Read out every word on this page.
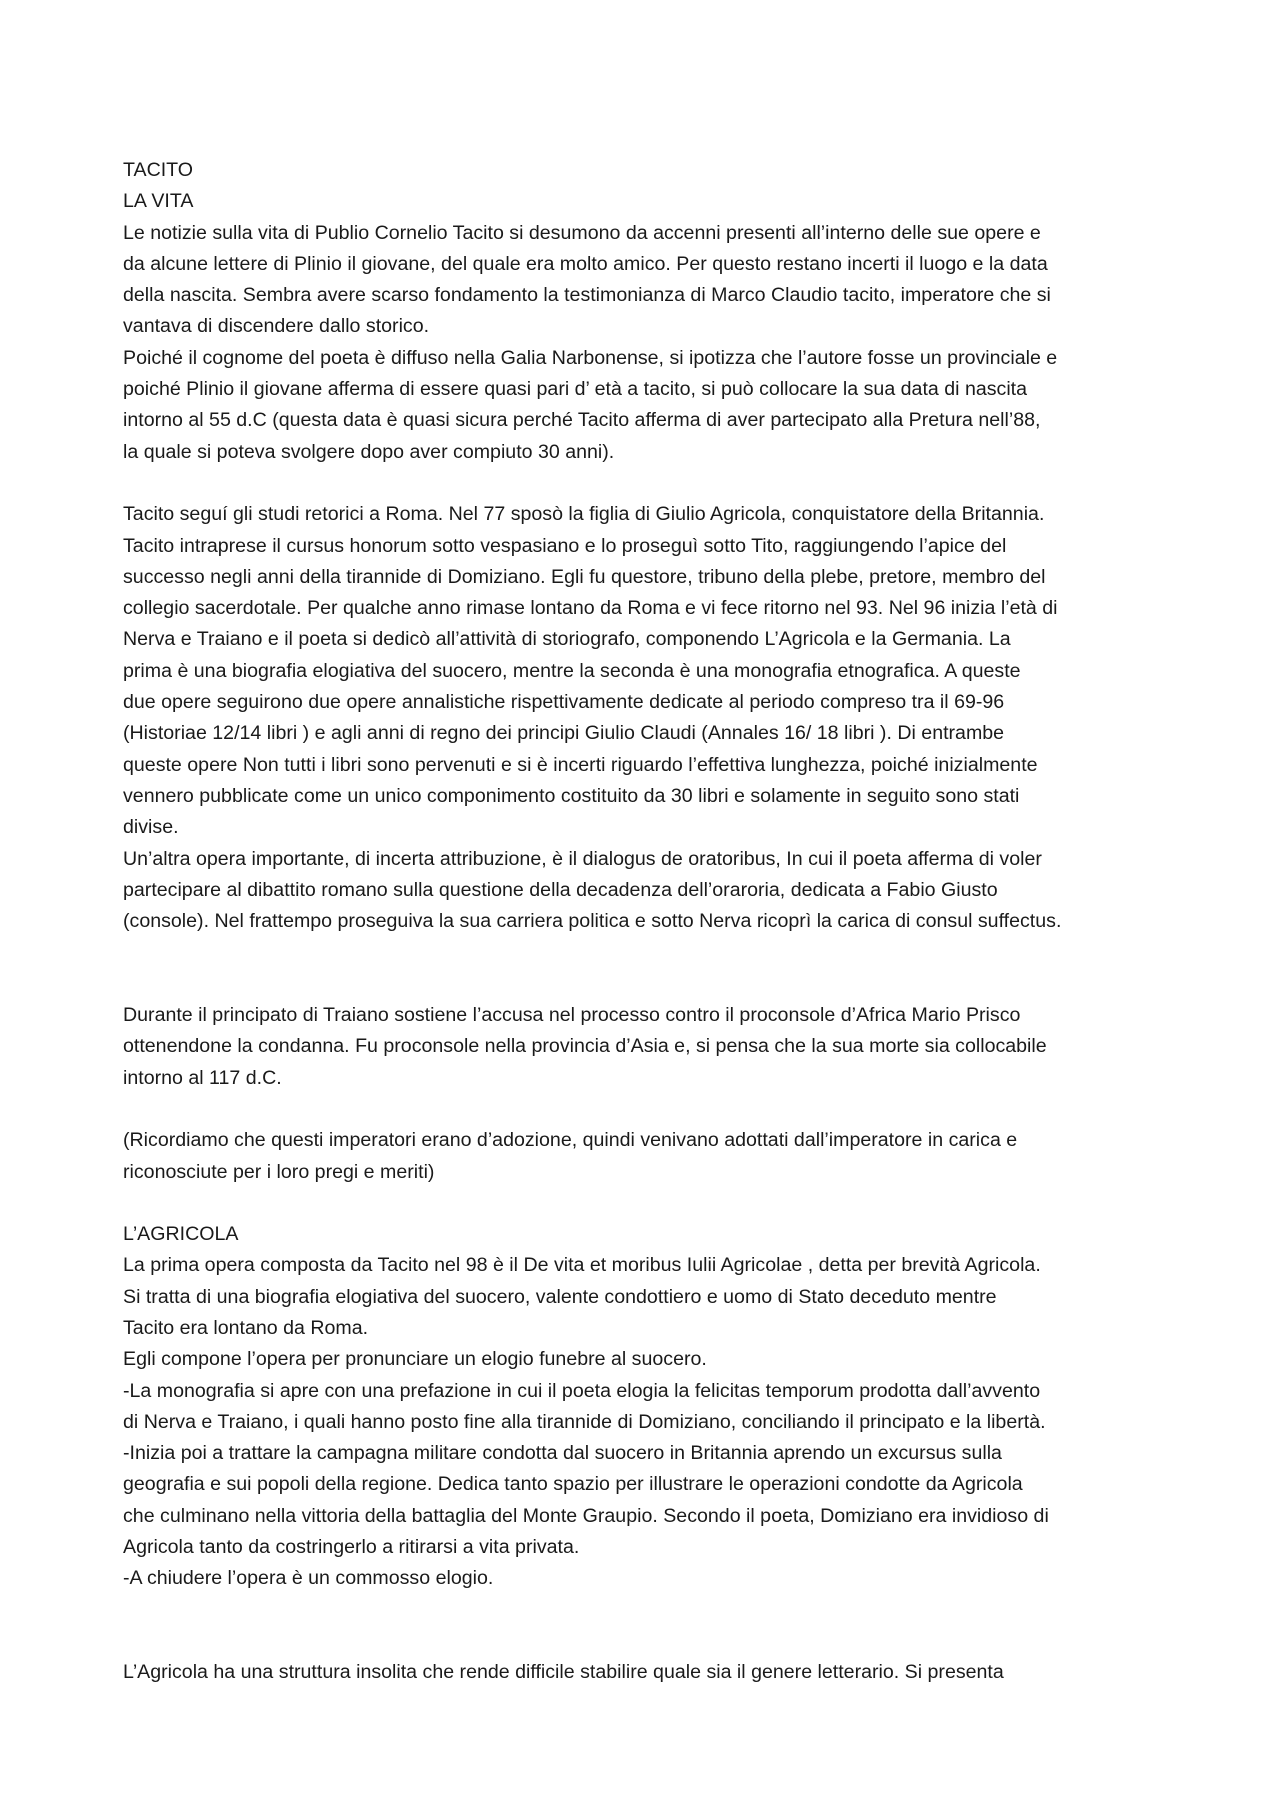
TACITO
LA VITA
Le notizie sulla vita di Publio Cornelio Tacito si desumono da accenni presenti all’interno delle sue opere e
da alcune lettere di Plinio il giovane, del quale era molto amico. Per questo restano incerti il luogo e la data
della nascita. Sembra avere scarso fondamento la testimonianza di Marco Claudio tacito, imperatore che si
vantava di discendere dallo storico.
Poiché il cognome del poeta è diffuso nella Galia Narbonense, si ipotizza che l’autore fosse un provinciale e
poiché Plinio il giovane afferma di essere quasi pari d’ età a tacito, si può collocare la sua data di nascita
intorno al 55 d.C (questa data è quasi sicura perché Tacito afferma di aver partecipato alla Pretura nell’88,
la quale si poteva svolgere dopo aver compiuto 30 anni).
Tacito seguí gli studi retorici a Roma. Nel 77 sposò la figlia di Giulio Agricola, conquistatore della Britannia.
Tacito intraprese il cursus honorum sotto vespasiano e lo proseguì sotto Tito, raggiungendo l’apice del
successo negli anni della tirannide di Domiziano. Egli fu questore, tribuno della plebe, pretore, membro del
collegio sacerdotale. Per qualche anno rimase lontano da Roma e vi fece ritorno nel 93. Nel 96 inizia l’età di
Nerva e Traiano e il poeta si dedicò all’attività di storiografo, componendo L’Agricola e la Germania. La
prima è una biografia elogiativa del suocero, mentre la seconda è una monografia etnografica. A queste
due opere seguirono due opere annalistiche rispettivamente dedicate al periodo compreso tra il 69-96
(Historiae 12/14 libri ) e agli anni di regno dei principi Giulio Claudi (Annales 16/ 18 libri ). Di entrambe
queste opere Non tutti i libri sono pervenuti e si è incerti riguardo l’effettiva lunghezza, poiché inizialmente
vennero pubblicate come un unico componimento costituito da 30 libri e solamente in seguito sono stati
divise.
Un’altra opera importante, di incerta attribuzione, è il dialogus de oratoribus, In cui il poeta afferma di voler
partecipare al dibattito romano sulla questione della decadenza dell’oraroria, dedicata a Fabio Giusto
(console). Nel frattempo proseguiva la sua carriera politica e sotto Nerva ricoprì la carica di consul suffectus.
Durante il principato di Traiano sostiene l’accusa nel processo contro il proconsole d’Africa Mario Prisco
ottenendone la condanna. Fu proconsole nella provincia d’Asia e, si pensa che la sua morte sia collocabile
intorno al 117 d.C.
(Ricordiamo che questi imperatori erano d’adozione, quindi venivano adottati dall’imperatore in carica e
riconosciute per i loro pregi e meriti)
L’AGRICOLA
La prima opera composta da Tacito nel 98 è il De vita et moribus Iulii Agricolae , detta per brevità Agricola.
Si tratta di una biografia elogiativa del suocero, valente condottiero e uomo di Stato deceduto mentre
Tacito era lontano da Roma.
Egli compone l’opera per pronunciare un elogio funebre al suocero.
-La monografia si apre con una prefazione in cui il poeta elogia la felicitas temporum prodotta dall’avvento
di Nerva e Traiano, i quali hanno posto fine alla tirannide di Domiziano, conciliando il principato e la libertà.
-Inizia poi a trattare la campagna militare condotta dal suocero in Britannia aprendo un excursus sulla
geografia e sui popoli della regione. Dedica tanto spazio per illustrare le operazioni condotte da Agricola
che culminano nella vittoria della battaglia del Monte Graupio. Secondo il poeta, Domiziano era invidioso di
Agricola tanto da costringerlo a ritirarsi a vita privata.
-A chiudere l’opera è un commosso elogio.
L’Agricola ha una struttura insolita che rende difficile stabilire quale sia il genere letterario. Si presenta
